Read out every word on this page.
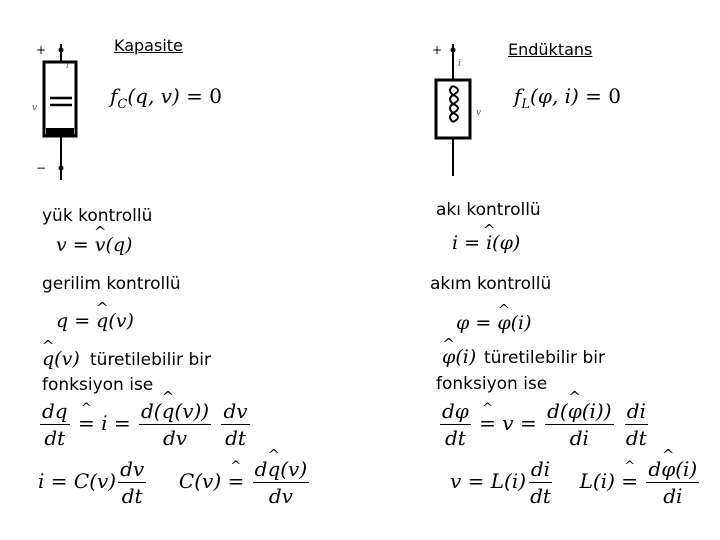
Kapasite
+
i
v
−
$f_C(q$, v) = 0
yük kontrollü
v = ^ v(q)
gerilim kontrollü
q = ^ q(v)
^ q(v) türetilebilir bir
fonksiyon ise
$\frac{dq}{dt}$ ^ = $i = \frac{d(\^{} q(v))}{dv}$
$\frac{dv}{dt}$
$i = C(v) \frac{dv}{dt} C(v)$ ^ = $\frac{d\^{} q(v)}{dv}$
Endüktans
+
i
v
$f_L(\varphi$, i) = 0
akı kontrollü
i = ^ i(φ)
akım kontrollü
φ = ^ φ(i)
^ φ(i) türetilebilir bir
fonksiyon ise
$\frac{d\varphi}{dt}$ ^ = $v = \frac{d(\^{} \varphi(i))}{di}$
$\frac{di}{dt}$
$v = L(i) \frac{di}{dt} L(i)$ ^ = $\frac{d\^{} \varphi(i)}{di}$
